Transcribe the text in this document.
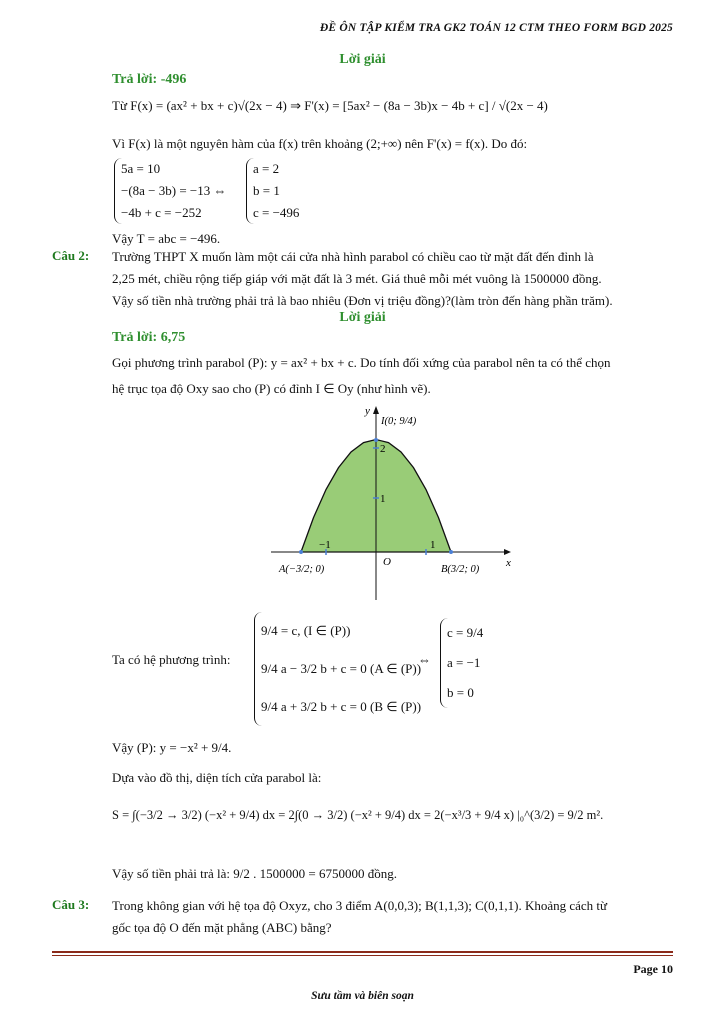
ĐỀ ÔN TẬP KIỂM TRA GK2 TOÁN 12 CTM THEO FORM BGD 2025
Lời giải
Trả lời: -496
Từ F(x) = (ax² + bx + c)√(2x − 4) ⇒ F'(x) = [5ax² − (8a − 3b)x − 4b + c] / √(2x − 4)
Vì F(x) là một nguyên hàm của f(x) trên khoảng (2;+∞) nên F'(x) = f(x). Do đó:
5a = 10
−(8a − 3b) = −13 ⇔
−4b + c = −252
a = 2
b = 1
c = −496
Vậy T = abc = −496.
Câu 2: Trường THPT X muốn làm một cái cửa nhà hình parabol có chiều cao từ mặt đất đến đỉnh là
2,25 mét, chiều rộng tiếp giáp với mặt đất là 3 mét. Giá thuê mỗi mét vuông là 1500000 đồng.
Vậy số tiền nhà trường phải trả là bao nhiêu (Đơn vị triệu đồng)?(làm tròn đến hàng phần trăm).
Lời giải
Trả lời: 6,75
Gọi phương trình parabol (P): y = ax² + bx + c. Do tính đối xứng của parabol nên ta có thể chọn
hệ trục tọa độ Oxy sao cho (P) có đỉnh I ∈ Oy (như hình vẽ).
x
y
O
−1	1
1
2
I(0; 9/4)
A(−3/2; 0)	B(3/2; 0)
Ta có hệ phương trình:
9/4 = c, (I ∈ (P))
9/4 a − 3/2 b + c = 0 (A ∈ (P))
9/4 a + 3/2 b + c = 0 (B ∈ (P))
⇔
c = 9/4
a = −1
b = 0
Vậy (P): y = −x² + 9/4.
Dựa vào đồ thị, diện tích cửa parabol là:
S = ∫(−3/2 → 3/2) (−x² + 9/4) dx = 2∫(0 → 3/2) (−x² + 9/4) dx = 2(−x³/3 + 9/4 x) |₀^(3/2) = 9/2 m².
Vậy số tiền phải trả là: 9/2 . 1500000 = 6750000 đồng.
Câu 3: Trong không gian với hệ tọa độ Oxyz, cho 3 điểm A(0,0,3); B(1,1,3); C(0,1,1). Khoảng cách từ
gốc tọa độ O đến mặt phẳng (ABC) bằng?
Page 10
Sưu tầm và biên soạn
